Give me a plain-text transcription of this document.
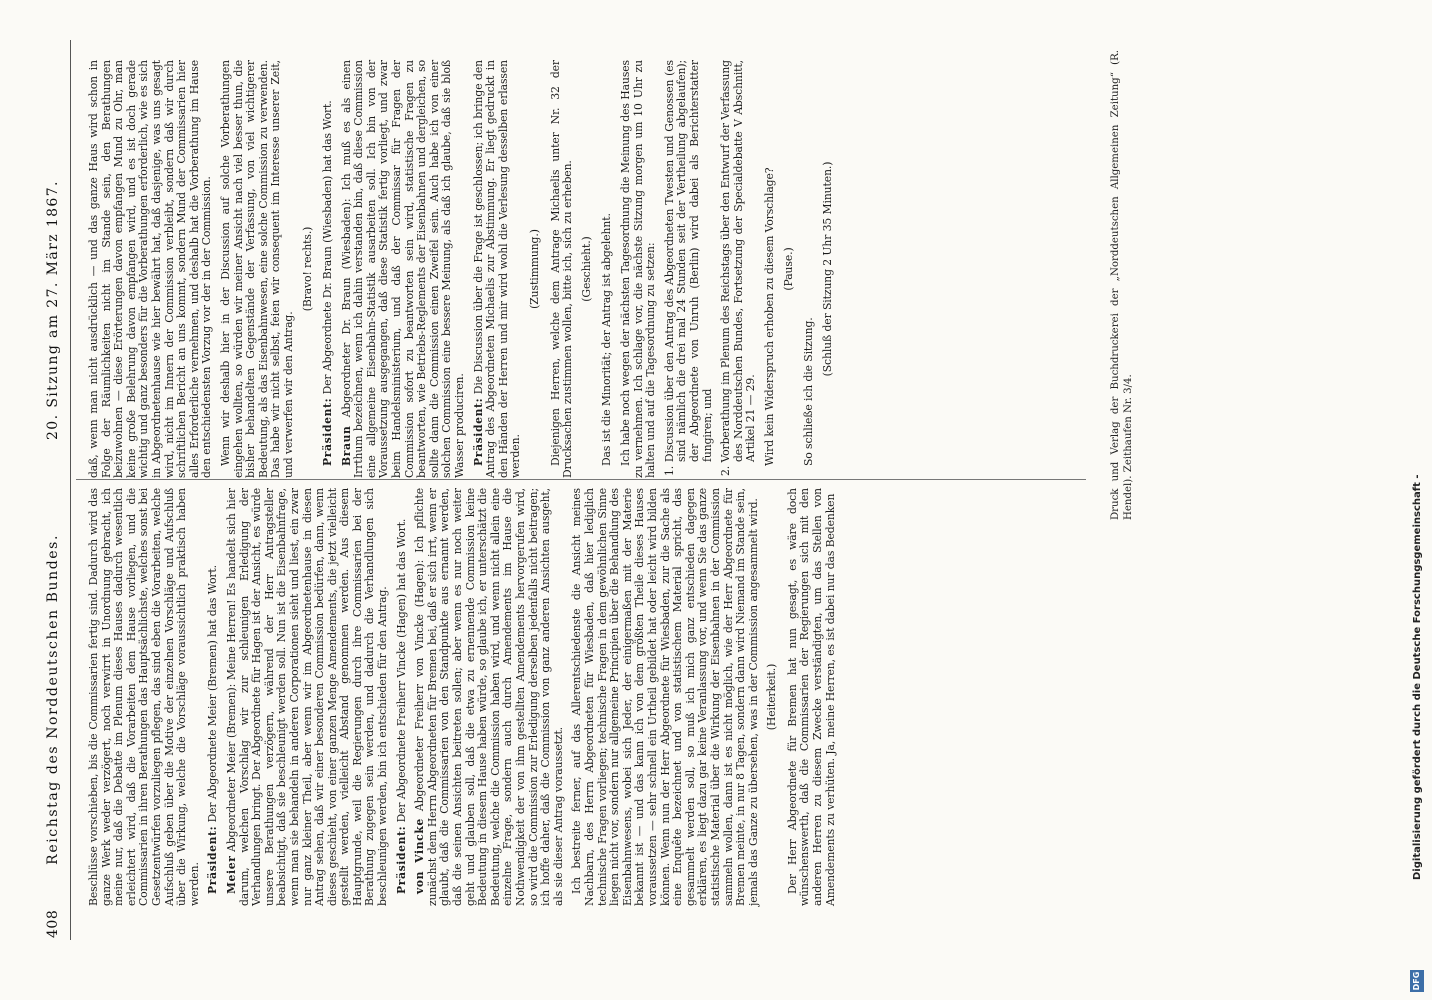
408 Reichstag des Norddeutschen Bundes.
20. Sitzung am 27. März 1867.

Beschlüsse vorschieben, bis die Commissarien fertig sind. Dadurch wird das ganze Werk weder verzögert, noch verwirrt in Unordnung gebracht, ich meine nur, daß die Debatte im Plenum dieses Hauses dadurch wesentlich erleichtert wird, daß die Vorarbeiten dem Hause vorliegen, und die Commissarien in ihren Berathungen das Hauptsächlichste, welches sonst bei Gesetzentwürfen vorzuliegen pflegen, das sind eben die Vorarbeiten, welche Aufschluß geben über die Motive der einzelnen Vorschläge und Aufschluß über die Wirkung, welche die Vorschläge voraussichtlich praktisch haben werden. Präsident: Der Abgeordnete Meier (Bremen) hat das Wort.

Meier Abgeordneter Meier (Bremen): Meine Herren! Es handelt sich hier darum, welchen Vorschlag wir zur schleunigen Erledigung der Verhandlungen bringt. Der Abgeordnete für Hagen ist der Ansicht, es würde unsere Berathungen verzögern, während der Herr Antragsteller beabsichtigt, daß sie beschleunigt werden soll. Nun ist die Eisenbahnfrage, wenn man sie behandeln in anderen Corporationen sieht und liest, ein zwar nur ganz kleiner Theil, aber wenn wir im Abgeordnetenhause in diesen Antrag sehen, daß wir einer besonderen Commission bedürfen, dann, wenn dieses geschieht, von einer ganzen Menge Amendements, die jetzt vielleicht gestellt werden, vielleicht Abstand genommen werden. Aus diesem Hauptgrunde, weil die Regierungen durch ihre Commissarien bei der Berathung zugegen sein werden, und dadurch die Verhandlungen sich beschleunigen werden, bin ich entschieden für den Antrag. Präsident: Der Abgeordnete Freiherr Vincke (Hagen) hat das Wort.

von Vincke Abgeordneter Freiherr von Vincke (Hagen): Ich pflichte zunächst dem Herrn Abgeordneten für Bremen bei, daß er sich irrt, wenn er glaubt, daß die Commissarien von den Standpunkte aus ernannt werden, daß die seinen Ansichten beitreten sollen; aber wenn es nur noch weiter geht und glauben soll, daß die etwa zu ernennende Commission keine Bedeutung in diesem Hause haben würde, so glaube ich, er unterschätzt die Bedeutung, welche die Commission haben wird, und wenn nicht allein eine einzelne Frage, sondern auch durch Amendements im Hause die Nothwendigkeit der von ihm gestellten Amendements hervorgerufen wird, so wird die Commission zur Erledigung derselben jedenfalls nicht beitragen; ich hoffe daher, daß die Commission von ganz anderen Ansichten ausgeht, als sie dieser Antrag voraussetzt. Ich bestreite ferner, auf das Allerentschiedenste die Ansicht meines Nachbarn, des Herrn Abgeordneten für Wiesbaden, daß hier lediglich technische Fragen vorliegen; technische Fragen in dem gewöhnlichen Sinne liegen nicht vor, sondern nur allgemeine Principien über die Behandlung des Eisenbahnwesens, wobei sich Jeder, der einigermaßen mit der Materie bekannt ist — und das kann ich von dem größten Theile dieses Hauses voraussetzen — sehr schnell ein Urtheil gebildet hat oder leicht wird bilden können. Wenn nun der Herr Abgeordnete für Wiesbaden, zur die Sache als eine Enquête bezeichnet und von statistischem Material spricht, das gesammelt werden soll, so muß ich mich ganz entschieden dagegen erklären, es liegt dazu gar keine Veranlassung vor, und wenn Sie das ganze statistische Material über die Wirkung der Eisenbahnen in der Commission sammeln wollen, dann ist es nicht möglich, wie der Herr Abgeordnete für Bremen meinte, in nur 8 Tagen, sondern dann wird Niemand im Stande sein, jemals das Ganze zu übersehen, was in der Commission angesammelt wird. (Heiterkeit.) Der Herr Abgeordnete für Bremen hat nun gesagt, es wäre doch wünschenswerth, daß die Commissarien der Regierungen sich mit den anderen Herren zu diesem Zwecke verständigten, um das Stellen von Amendements zu verhüten. Ja, meine Herren, es ist dabei nur das Bedenken

daß, wenn man nicht ausdrücklich — und das ganze Haus wird schon in Folge der Räumlichkeiten nicht im Stande sein, den Berathungen beizuwohnen — diese Erörterungen davon empfangen Mund zu Ohr, man keine große Belehrung davon empfangen wird, und es ist doch gerade wichtig und ganz besonders für die Vorberathungen erforderlich, wie es sich in Abgeordnetenhause wie hier bewährt hat, daß dasjenige, was uns gesagt wird, nicht im Innern der Commission verbleibt, sondern daß wir durch schriftlichen Bericht an uns kommt, sondern Mund der Commissarien hier alles Erforderliche vernehmen, und deshalb hat die Vorberathung im Hause den entschiedensten Vorzug vor der in der Commission. Wenn wir deshalb hier in der Discussion auf solche Vorberathungen eingehen wollten, so würden wir meiner Ansicht nach viel besser thun, die bisher behandelten Gegenstände der Verfassung, von viel wichtigerer Bedeutung, als das Eisenbahnwesen, eine solche Commission zu verwenden. Das habe wir nicht selbst, feien wir consequent im Interesse unserer Zeit, und verwerfen wir den Antrag.

(Bravo! rechts.)

Präsident: Der Abgeordnete Dr. Braun (Wiesbaden) hat das Wort.

Braun Abgeordneter Dr. Braun (Wiesbaden): Ich muß es als einen Irrthum bezeichnen, wenn ich dahin verstanden bin, daß diese Commission eine allgemeine Eisenbahn-Statistik ausarbeiten soll. Ich bin von der Voraussetzung ausgegangen, daß diese Statistik fertig vorliegt, und zwar beim Handelsministerium, und daß der Commissar für Fragen der Commission sofort zu beantworten sein wird, statistische Fragen zu beantworten, wie Betriebs-Reglements der Eisenbahnen und dergleichen, so sollte dann die Commission einen Zweifel sein. Auch habe ich von einer solchen Commission eine bessere Meinung, als daß ich glaube, daß sie bloß Wasser produciren. Präsident: Die Discussion über die Frage ist geschlossen; ich bringe den Antrag des Abgeordneten Michaelis zur Abstimmung. Er liegt gedruckt in den Händen der Herren und mir wird wohl die Verlesung desselben erlassen werden.

(Zustimmung.) Diejenigen Herren, welche dem Antrage Michaelis unter Nr. 32 der Drucksachen zustimmen wollen, bitte ich, sich zu erheben. (Geschieht.) Das ist die Minorität; der Antrag ist abgelehnt. Ich habe noch wegen der nächsten Tagesordnung die Meinung des Hauses zu vernehmen. Ich schlage vor, die nächste Sitzung morgen um 10 Uhr zu halten und auf die Tagesordnung zu setzen: 1. Discussion über den Antrag des Abgeordneten Twesten und Genossen (es sind nämlich die drei mal 24 Stunden seit der Vertheilung abgelaufen); der Abgeordnete von Unruh (Berlin) wird dabei als Berichterstatter fungiren; und 2. Vorberathung im Plenum des Reichstags über den Entwurf der Verfassung des Norddeutschen Bundes, Fortsetzung der Specialdebatte V Abschnitt, Artikel 21 — 29. Wird kein Widerspruch erhoben zu diesem Vorschlage? (Pause.)

So schließe ich die Sitzung.

(Schluß der Sitzung 2 Uhr 35 Minuten.)	Druck und Verlag der Buchdruckerei der „Norddeutschen Allgemeinen Zeitung“ (R. Hendel). Zeithaufen Nr. 3/4.
Digitalisierung gefördert durch die Deutsche Forschungsgemeinschaft -
DFG
